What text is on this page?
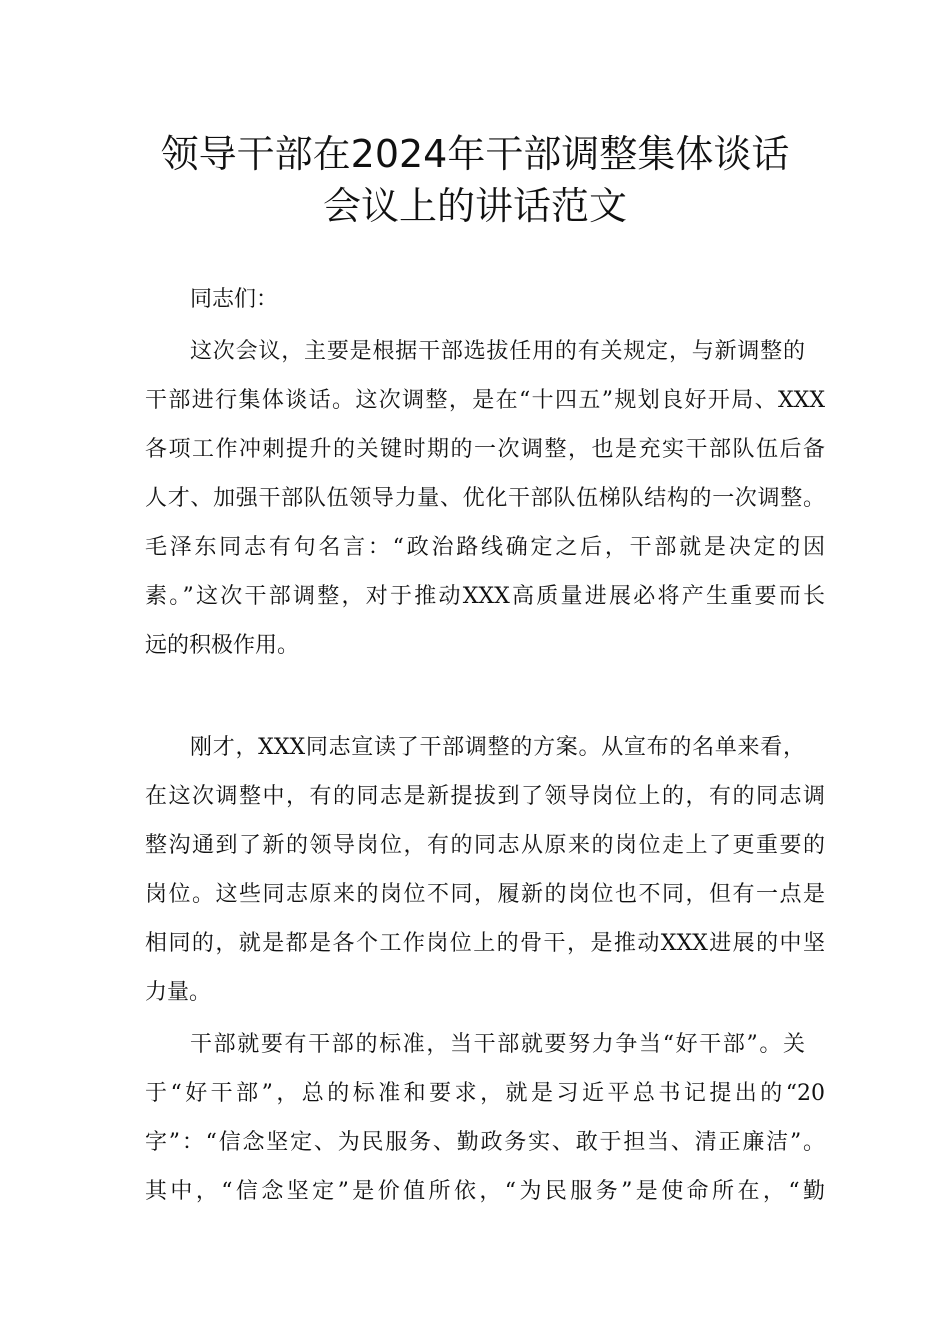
领导干部在2024年干部调整集体谈话
会议上的讲话范文
同志们：
这次会议，主要是根据干部选拔任用的有关规定，与新调整的
干部进行集体谈话。这次调整，是在“十四五”规划良好开局、XXX
各项工作冲刺提升的关键时期的一次调整，也是充实干部队伍后备
人才、加强干部队伍领导力量、优化干部队伍梯队结构的一次调整。
毛泽东同志有句名言：“政治路线确定之后，干部就是决定的因
素。”这次干部调整，对于推动XXX高质量进展必将产生重要而长
远的积极作用。
刚才，XXX同志宣读了干部调整的方案。从宣布的名单来看，
在这次调整中，有的同志是新提拔到了领导岗位上的，有的同志调
整沟通到了新的领导岗位，有的同志从原来的岗位走上了更重要的
岗位。这些同志原来的岗位不同，履新的岗位也不同，但有一点是
相同的，就是都是各个工作岗位上的骨干，是推动XXX进展的中坚
力量。
干部就要有干部的标准，当干部就要努力争当“好干部”。关
于“好干部”，总的标准和要求，就是习近平总书记提出的“20
字”：“信念坚定、为民服务、勤政务实、敢于担当、清正廉洁”。
其中，“信念坚定”是价值所依，“为民服务”是使命所在，“勤
